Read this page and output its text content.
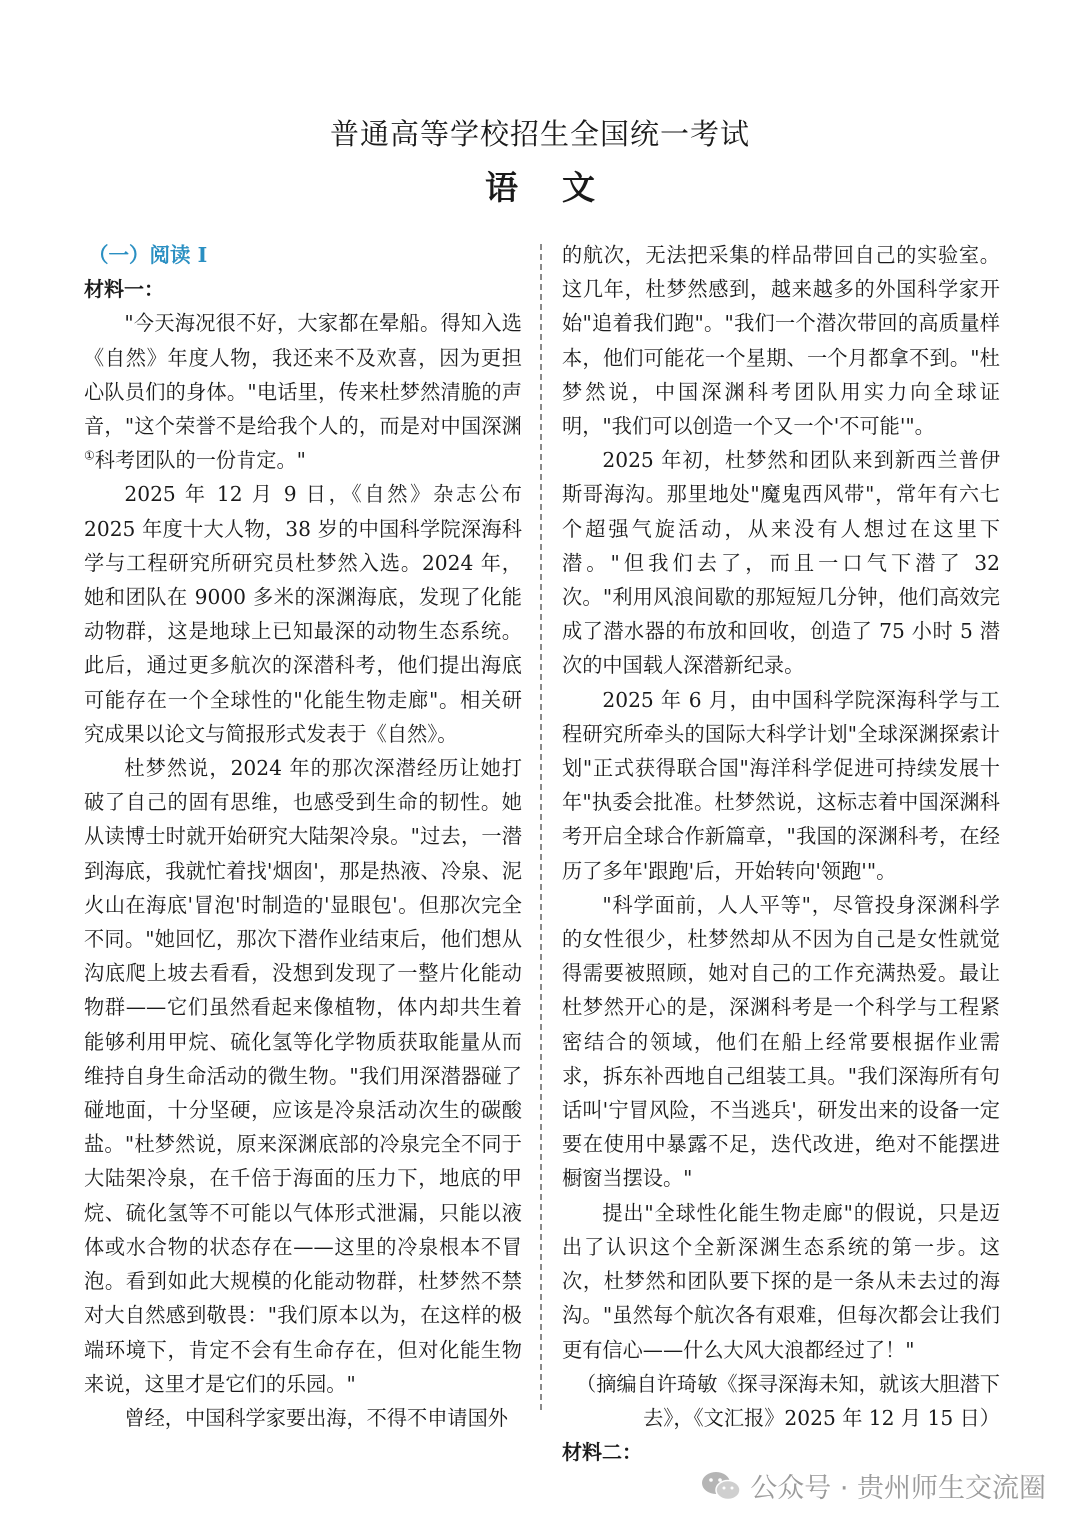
普通高等学校招生全国统一考试
语文
（一）阅读 I
材料一：

"今天海况很不好，大家都在晕船。得知入选《自然》年度人物，我还来不及欢喜，因为更担心队员们的身体。"电话里，传来杜梦然清脆的声音，"这个荣誉不是给我个人的，而是对中国深渊①科考团队的一份肯定。"

2025 年 12 月 9 日，《自然》杂志公布 2025 年度十大人物，38 岁的中国科学院深海科学与工程研究所研究员杜梦然入选。2024 年，她和团队在 9000 多米的深渊海底，发现了化能动物群，这是地球上已知最深的动物生态系统。此后，通过更多航次的深潜科考，他们提出海底可能存在一个全球性的"化能生物走廊"。相关研究成果以论文与简报形式发表于《自然》。

杜梦然说，2024 年的那次深潜经历让她打破了自己的固有思维，也感受到生命的韧性。她从读博士时就开始研究大陆架冷泉。"过去，一潜到海底，我就忙着找'烟囱'，那是热液、冷泉、泥火山在海底'冒泡'时制造的'显眼包'。但那次完全不同。"她回忆，那次下潜作业结束后，他们想从沟底爬上坡去看看，没想到发现了一整片化能动物群——它们虽然看起来像植物，体内却共生着能够利用甲烷、硫化氢等化学物质获取能量从而维持自身生命活动的微生物。"我们用深潜器碰了碰地面，十分坚硬，应该是冷泉活动次生的碳酸盐。"杜梦然说，原来深渊底部的冷泉完全不同于大陆架冷泉，在千倍于海面的压力下，地底的甲烷、硫化氢等不可能以气体形式泄漏，只能以液体或水合物的状态存在——这里的冷泉根本不冒泡。看到如此大规模的化能动物群，杜梦然不禁对大自然感到敬畏："我们原本以为，在这样的极端环境下，肯定不会有生命存在，但对化能生物来说，这里才是它们的乐园。"

曾经，中国科学家要出海，不得不申请国外

的航次，无法把采集的样品带回自己的实验室。这几年，杜梦然感到，越来越多的外国科学家开始"追着我们跑"。"我们一个潜次带回的高质量样本，他们可能花一个星期、一个月都拿不到。"杜梦然说，中国深渊科考团队用实力向全球证明，"我们可以创造一个又一个'不可能'"。

2025 年初，杜梦然和团队来到新西兰普伊斯哥海沟。那里地处"魔鬼西风带"，常年有六七个超强气旋活动，从来没有人想过在这里下潜。"但我们去了，而且一口气下潜了 32 次。"利用风浪间歇的那短短几分钟，他们高效完成了潜水器的布放和回收，创造了 75 小时 5 潜次的中国载人深潜新纪录。

2025 年 6 月，由中国科学院深海科学与工程研究所牵头的国际大科学计划"全球深渊探索计划"正式获得联合国"海洋科学促进可持续发展十年"执委会批准。杜梦然说，这标志着中国深渊科考开启全球合作新篇章，"我国的深渊科考，在经历了多年'跟跑'后，开始转向'领跑'"。

"科学面前，人人平等"，尽管投身深渊科学的女性很少，杜梦然却从不因为自己是女性就觉得需要被照顾，她对自己的工作充满热爱。最让杜梦然开心的是，深渊科考是一个科学与工程紧密结合的领域，他们在船上经常要根据作业需求，拆东补西地自己组装工具。"我们深海所有句话叫'宁冒风险，不当逃兵'，研发出来的设备一定要在使用中暴露不足，迭代改进，绝对不能摆进橱窗当摆设。"

提出"全球性化能生物走廊"的假说，只是迈出了认识这个全新深渊生态系统的第一步。这次，杜梦然和团队要下探的是一条从未去过的海沟。"虽然每个航次各有艰难，但每次都会让我们更有信心——什么大风大浪都经过了！"

（摘编自许琦敏《探寻深海未知，就该大胆潜下去》，《文汇报》2025 年 12 月 15 日）

材料二：
公众号 · 贵州师生交流圈
